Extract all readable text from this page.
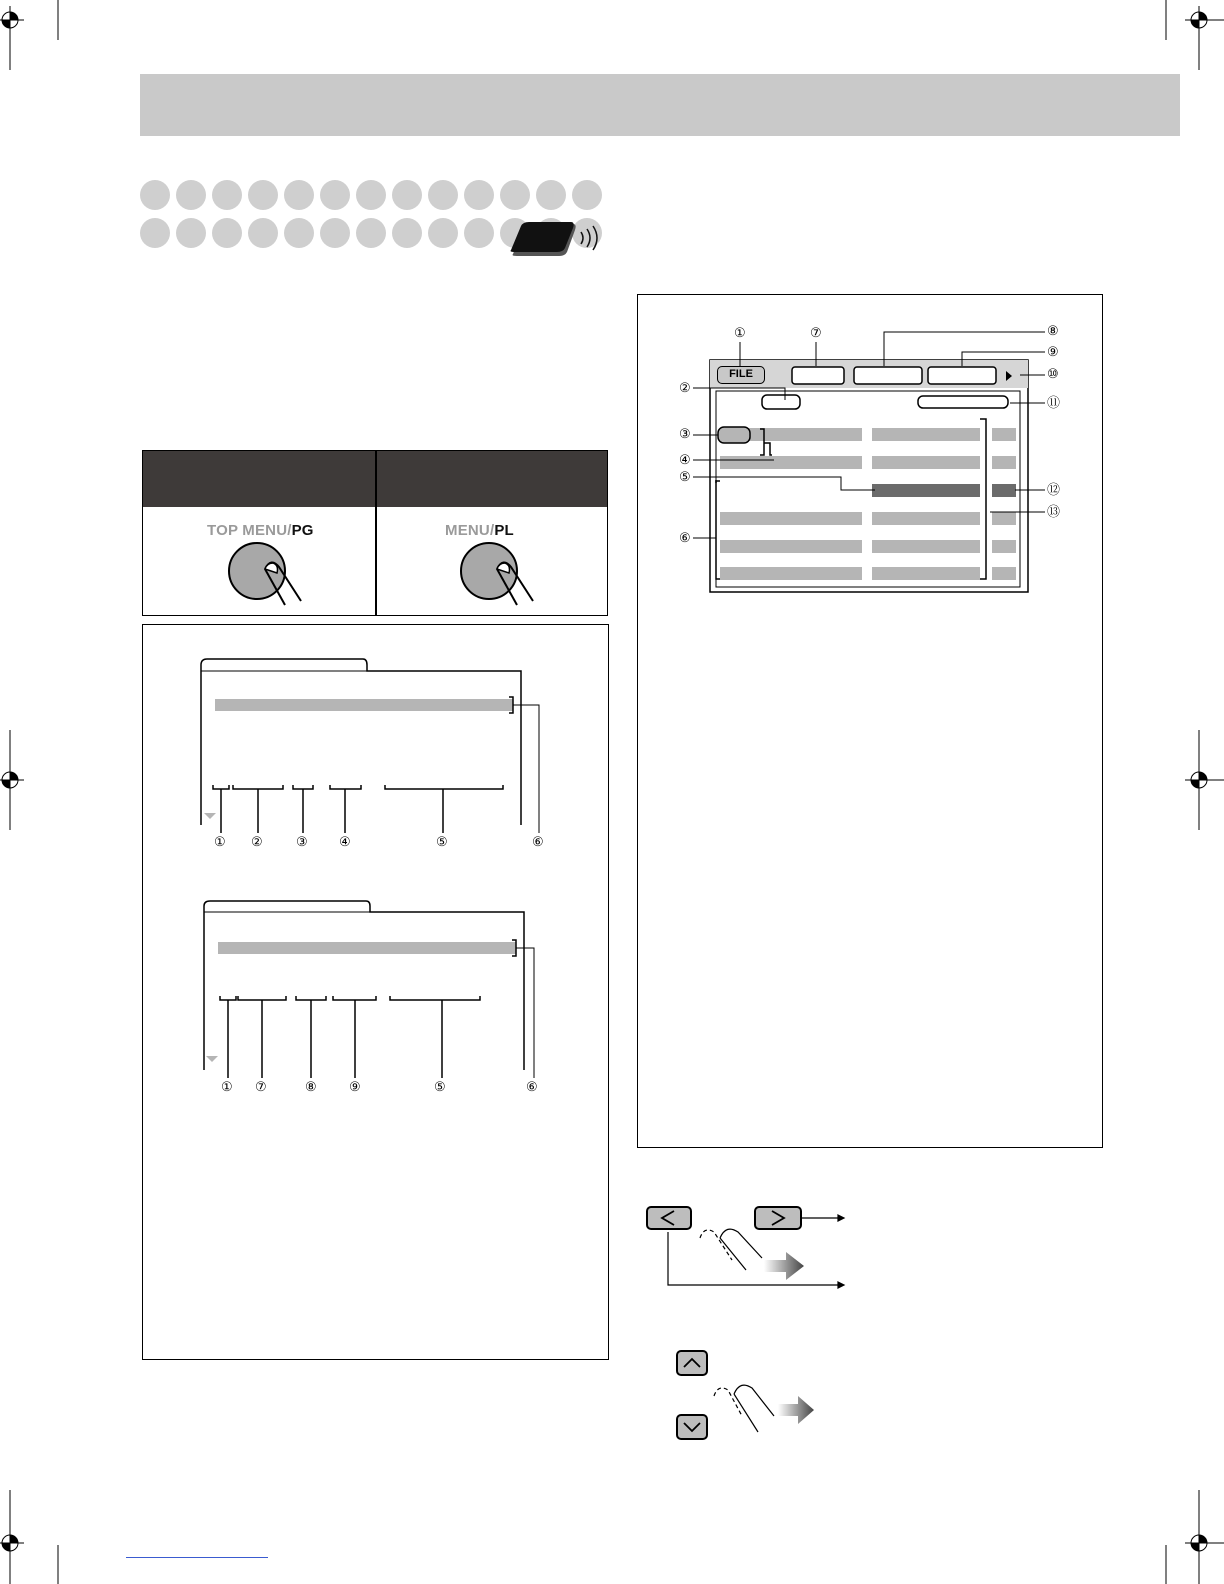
TOP MENU/PG	MENU/PL
① ②	③ ④	⑤	⑥
① ⑦	⑧ ⑨	⑤	⑥
FILE
①	⑦	⑧
⑨
⑩
②
⑪
③
④
⑤
⑫
⑬
⑥
